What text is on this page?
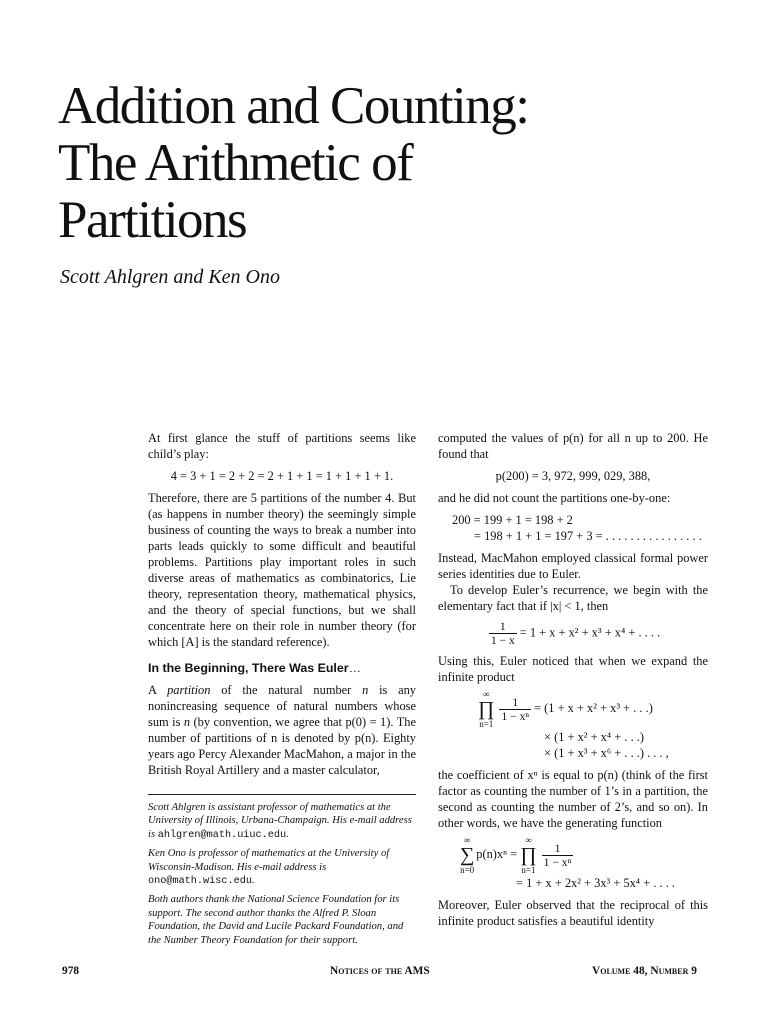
Addition and Counting:
The Arithmetic of
Partitions
Scott Ahlgren and Ken Ono

At first glance the stuff of partitions seems like child’s play:

4 = 3 + 1 = 2 + 2 = 2 + 1 + 1 = 1 + 1 + 1 + 1.

Therefore, there are 5 partitions of the number 4. But (as happens in number theory) the seemingly simple business of counting the ways to break a number into parts leads quickly to some difficult and beautiful problems. Partitions play important roles in such diverse areas of mathematics as combinatorics, Lie theory, representation theory, mathematical physics, and the theory of special functions, but we shall concentrate here on their role in number theory (for which [A] is the standard reference).

In the Beginning, There Was Euler…

A partition of the natural number n is any nonincreasing sequence of natural numbers whose sum is n (by convention, we agree that p(0) = 1). The number of partitions of n is denoted by p(n). Eighty years ago Percy Alexander MacMahon, a major in the British Royal Artillery and a master calculator,

Scott Ahlgren is assistant professor of mathematics at the University of Illinois, Urbana-Champaign. His e-mail address is ahlgren@math.uiuc.edu.

Ken Ono is professor of mathematics at the University of Wisconsin-Madison. His e-mail address is ono@math.wisc.edu.

Both authors thank the National Science Foundation for its support. The second author thanks the Alfred P. Sloan Foundation, the David and Lucile Packard Foundation, and the Number Theory Foundation for their support.

computed the values of p(n) for all n up to 200. He found that

p(200) = 3, 972, 999, 029, 388,

and he did not count the partitions one-by-one:

200 = 199 + 1 = 198 + 2
= 198 + 1 + 1 = 197 + 3 = . . . . . . . . . . . . . . . .

Instead, MacMahon employed classical formal power series identities due to Euler.

To develop Euler’s recurrence, we begin with the elementary fact that if |x| < 1, then

$\frac{1}{1 - x} = 1 + x + x^2 + x^3 + x^4$ + . . . .

Using this, Euler noticed that when we expand the infinite product

∞
∏
n=1
$\frac{1}{\text{1 − xⁿ}} = (1 + x + x^2 + x^3$ + . . .)
× (1 + x² + x⁴ + . . .)
× (1 + x³ + x⁶ + . . .) . . . ,

the coefficient of xⁿ is equal to p(n) (think of the first factor as counting the number of 1’s in a partition, the second as counting the number of 2’s, and so on). In other words, we have the generating function

∞
∑
n=0p(n)xⁿ = ∞
∏
n=1
$\frac{1}{\text{1 − xⁿ}}$
= 1 + x + 2x² + 3x³ + 5x⁴ + . . . .

Moreover, Euler observed that the reciprocal of this infinite product satisfies a beautiful identity

978	Notices of the AMS	Volume 48, Number 9
